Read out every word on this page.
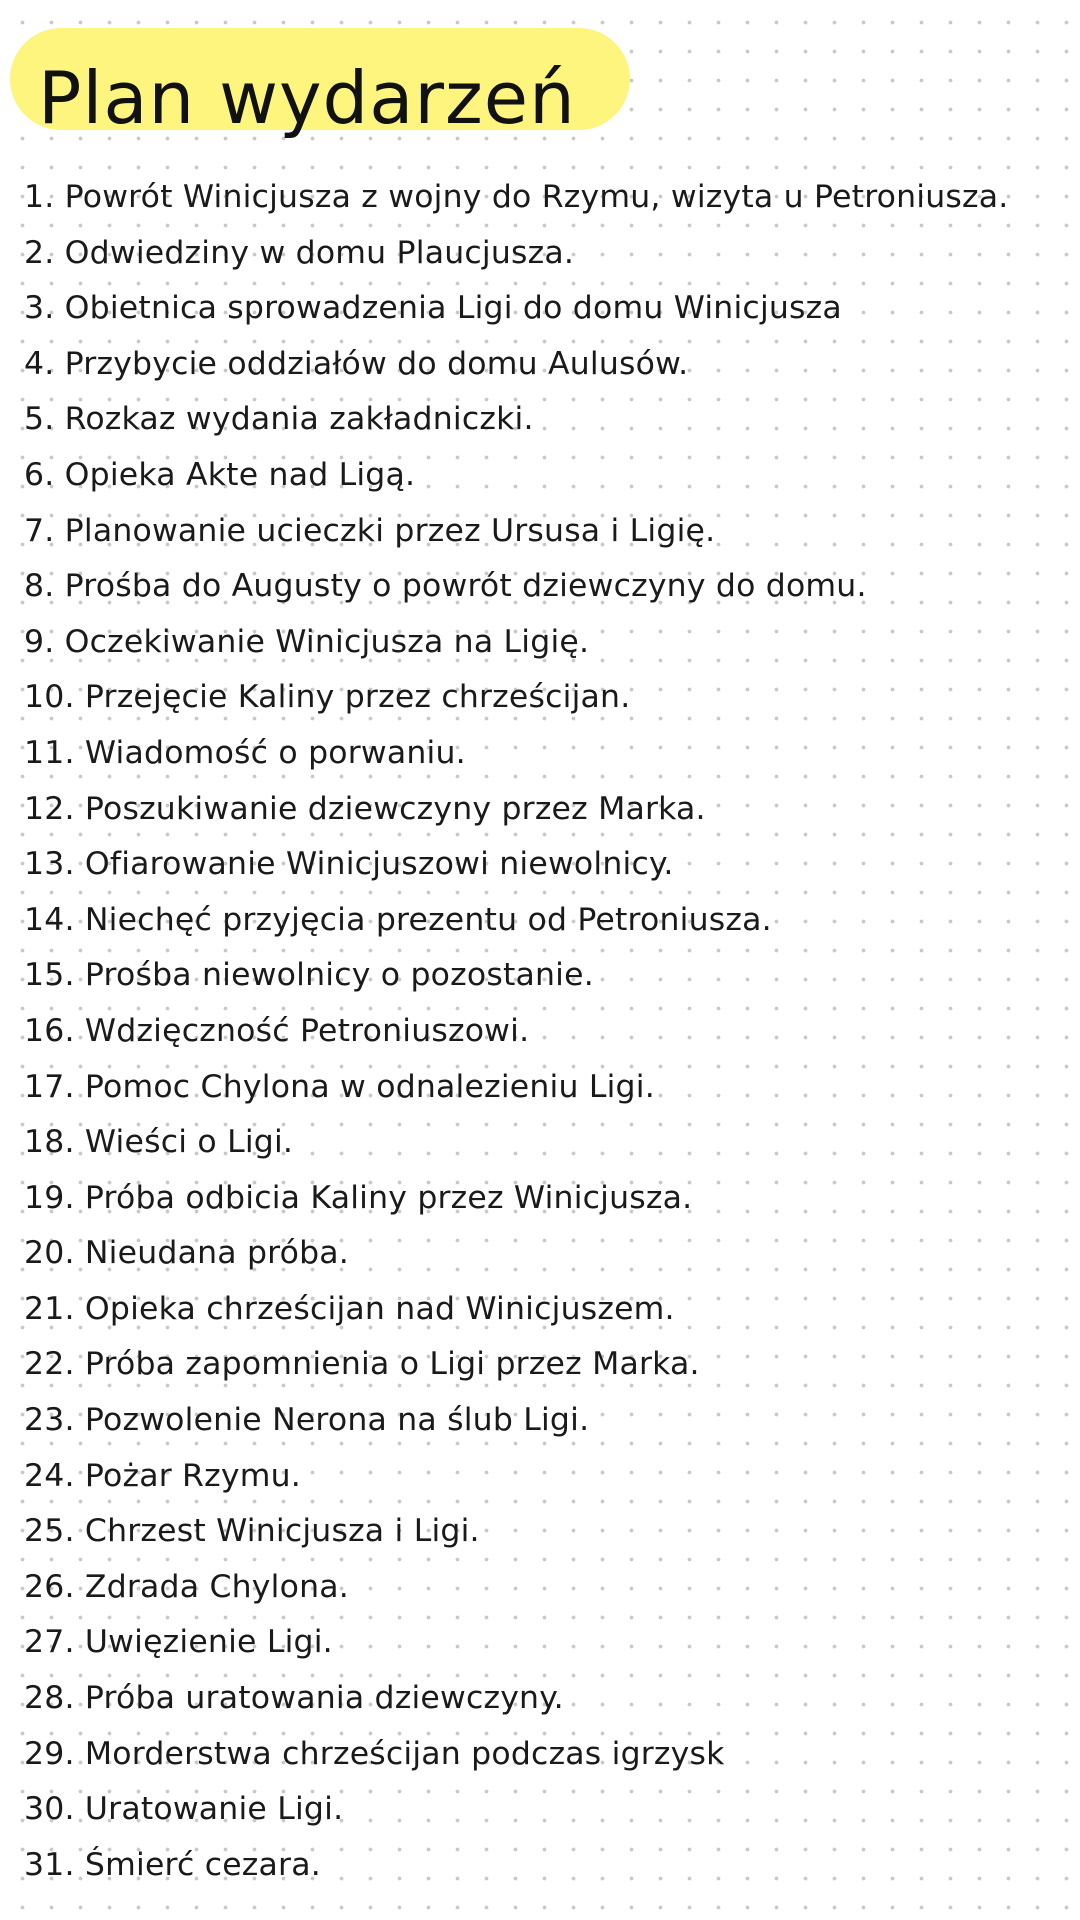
Plan wydarzeń
1. Powrót Winicjusza z wojny do Rzymu, wizyta u Petroniusza.
2. Odwiedziny w domu Plaucjusza.
3. Obietnica sprowadzenia Ligi do domu Winicjusza
4. Przybycie oddziałów do domu Aulusów.
5. Rozkaz wydania zakładniczki.
6. Opieka Akte nad Ligą.
7. Planowanie ucieczki przez Ursusa i Ligię.
8. Prośba do Augusty o powrót dziewczyny do domu.
9. Oczekiwanie Winicjusza na Ligię.
10. Przejęcie Kaliny przez chrześcijan.
11. Wiadomość o porwaniu.
12. Poszukiwanie dziewczyny przez Marka.
13. Ofiarowanie Winicjuszowi niewolnicy.
14. Niechęć przyjęcia prezentu od Petroniusza.
15. Prośba niewolnicy o pozostanie.
16. Wdzięczność Petroniuszowi.
17. Pomoc Chylona w odnalezieniu Ligi.
18. Wieści o Ligi.
19. Próba odbicia Kaliny przez Winicjusza.
20. Nieudana próba.
21. Opieka chrześcijan nad Winicjuszem.
22. Próba zapomnienia o Ligi przez Marka.
23. Pozwolenie Nerona na ślub Ligi.
24. Pożar Rzymu.
25. Chrzest Winicjusza i Ligi.
26. Zdrada Chylona.
27. Uwięzienie Ligi.
28. Próba uratowania dziewczyny.
29. Morderstwa chrześcijan podczas igrzysk
30. Uratowanie Ligi.
31. Śmierć cezara.
